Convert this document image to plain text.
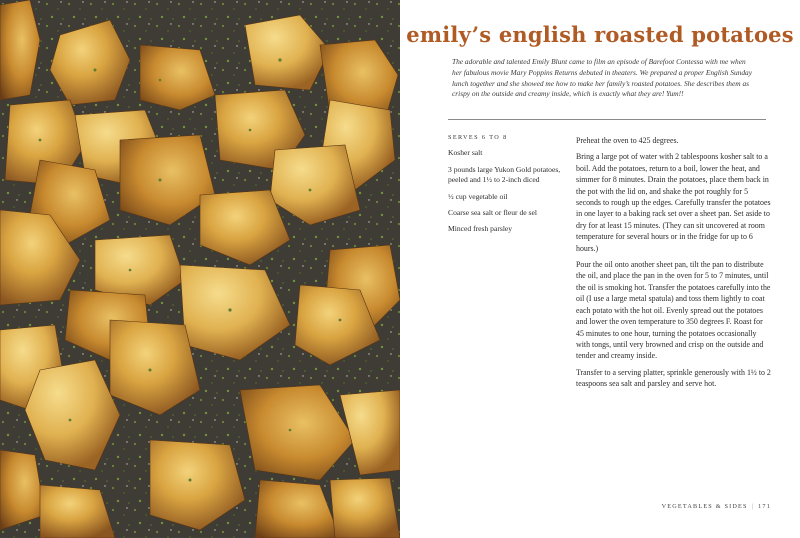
emily’s english roasted potatoes

The adorable and talented Emily Blunt came to film an episode of Barefoot Contessa with me when her fabulous movie Mary Poppins Returns debuted in theaters. We prepared a proper English Sunday lunch together and she showed me how to make her family’s roasted potatoes. She describes them as crispy on the outside and creamy inside, which is exactly what they are! Yum!!

SERVES 6 TO 8
Kosher salt
3 pounds large Yukon Gold potatoes, peeled and 1½ to 2-inch diced
½ cup vegetable oil
Coarse sea salt or fleur de sel
Minced fresh parsley

Preheat the oven to 425 degrees.

Bring a large pot of water with 2 tablespoons kosher salt to a boil. Add the potatoes, return to a boil, lower the heat, and simmer for 8 minutes. Drain the potatoes, place them back in the pot with the lid on, and shake the pot roughly for 5 seconds to rough up the edges. Carefully transfer the potatoes in one layer to a baking rack set over a sheet pan. Set aside to dry for at least 15 minutes. (They can sit uncovered at room temperature for several hours or in the fridge for up to 6 hours.)

Pour the oil onto another sheet pan, tilt the pan to distribute the oil, and place the pan in the oven for 5 to 7 minutes, until the oil is smoking hot. Transfer the potatoes carefully into the oil (I use a large metal spatula) and toss them lightly to coat each potato with the hot oil. Evenly spread out the potatoes and lower the oven temperature to 350 degrees F. Roast for 45 minutes to one hour, turning the potatoes occasionally with tongs, until very browned and crisp on the outside and tender and creamy inside.

Transfer to a serving platter, sprinkle generously with 1½ to 2 teaspoons sea salt and parsley and serve hot.

VEGETABLES & SIDES | 171
